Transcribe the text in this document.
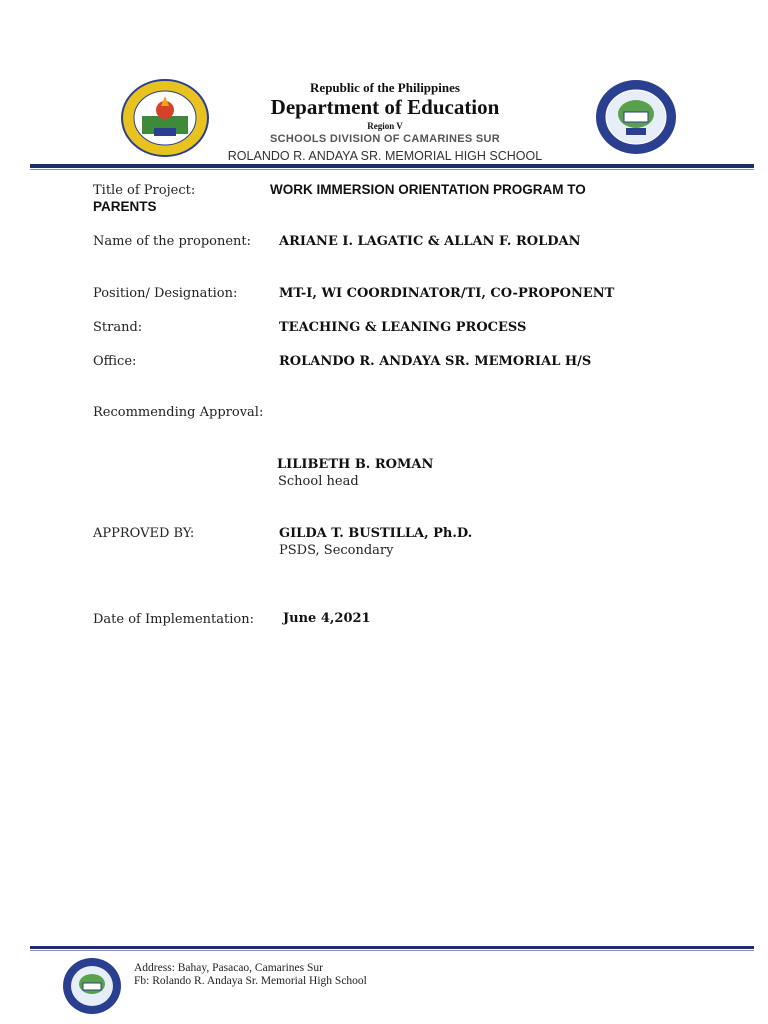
Republic of the Philippines
Department of Education
Region V
SCHOOLS DIVISION OF CAMARINES SUR
ROLANDO R. ANDAYA SR. MEMORIAL HIGH SCHOOL
Title of Project:	WORK IMMERSION ORIENTATION PROGRAM TO
PARENTS
Name of the proponent: ARIANE I. LAGATIC & ALLAN F. ROLDAN
Position/ Designation:	MT-I, WI COORDINATOR/TI, CO-PROPONENT
Strand:	TEACHING & LEANING PROCESS
Office:	ROLANDO R. ANDAYA SR. MEMORIAL H/S
Recommending Approval:
LILIBETH B. ROMAN
School head
APPROVED BY:	GILDA T. BUSTILLA, Ph.D.
PSDS, Secondary
Date of Implementation: June 4,2021
Address: Bahay, Pasacao, Camarines Sur
Fb: Rolando R. Andaya Sr. Memorial High School
